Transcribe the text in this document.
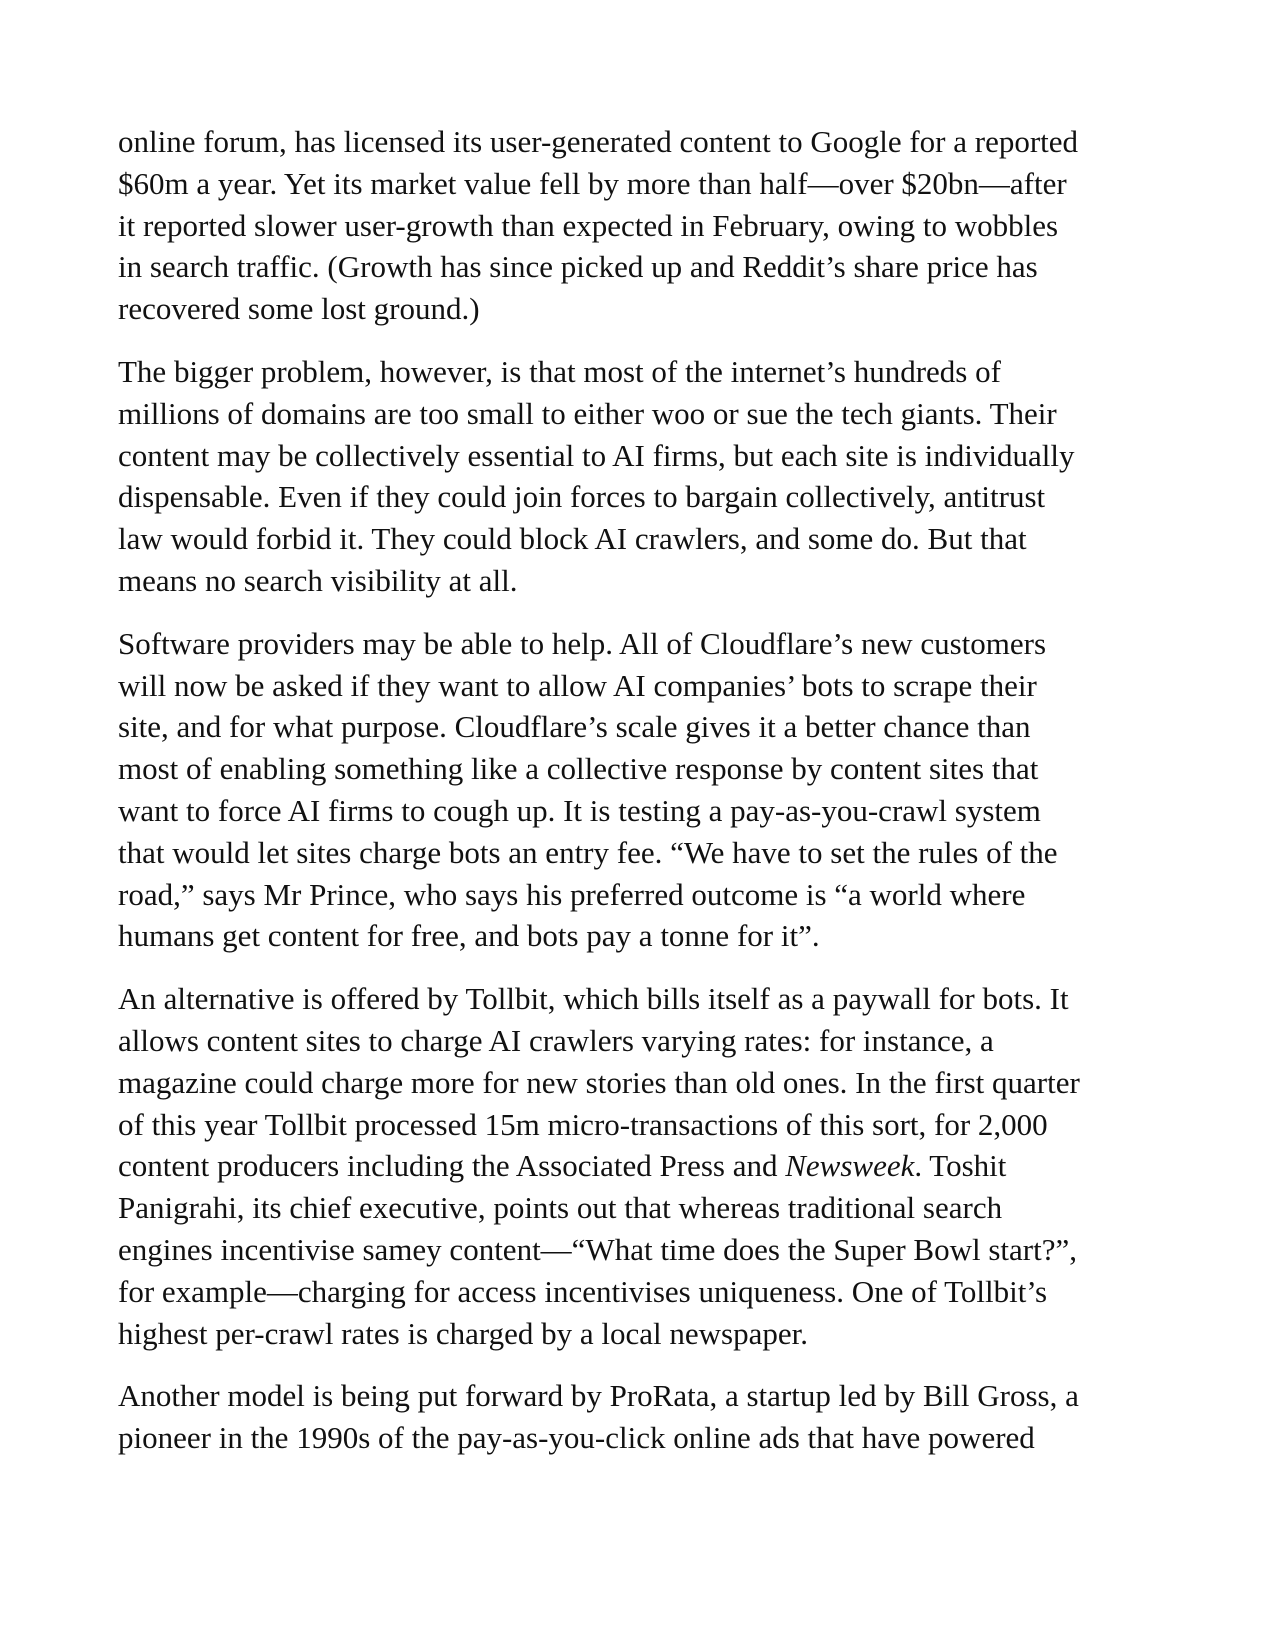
online forum, has licensed its user-generated content to Google for a reported
$60m a year. Yet its market value fell by more than half—over $20bn—after
it reported slower user-growth than expected in February, owing to wobbles
in search traffic. (Growth has since picked up and Reddit’s share price has
recovered some lost ground.)

The bigger problem, however, is that most of the internet’s hundreds of
millions of domains are too small to either woo or sue the tech giants. Their
content may be collectively essential to AI firms, but each site is individually
dispensable. Even if they could join forces to bargain collectively, antitrust
law would forbid it. They could block AI crawlers, and some do. But that
means no search visibility at all.

Software providers may be able to help. All of Cloudflare’s new customers
will now be asked if they want to allow AI companies’ bots to scrape their
site, and for what purpose. Cloudflare’s scale gives it a better chance than
most of enabling something like a collective response by content sites that
want to force AI firms to cough up. It is testing a pay-as-you-crawl system
that would let sites charge bots an entry fee. “We have to set the rules of the
road,” says Mr Prince, who says his preferred outcome is “a world where
humans get content for free, and bots pay a tonne for it”.

An alternative is offered by Tollbit, which bills itself as a paywall for bots. It
allows content sites to charge AI crawlers varying rates: for instance, a
magazine could charge more for new stories than old ones. In the first quarter
of this year Tollbit processed 15m micro-transactions of this sort, for 2,000
content producers including the Associated Press and Newsweek. Toshit
Panigrahi, its chief executive, points out that whereas traditional search
engines incentivise samey content—“What time does the Super Bowl start?”,
for example—charging for access incentivises uniqueness. One of Tollbit’s
highest per-crawl rates is charged by a local newspaper.

Another model is being put forward by ProRata, a startup led by Bill Gross, a
pioneer in the 1990s of the pay-as-you-click online ads that have powered
